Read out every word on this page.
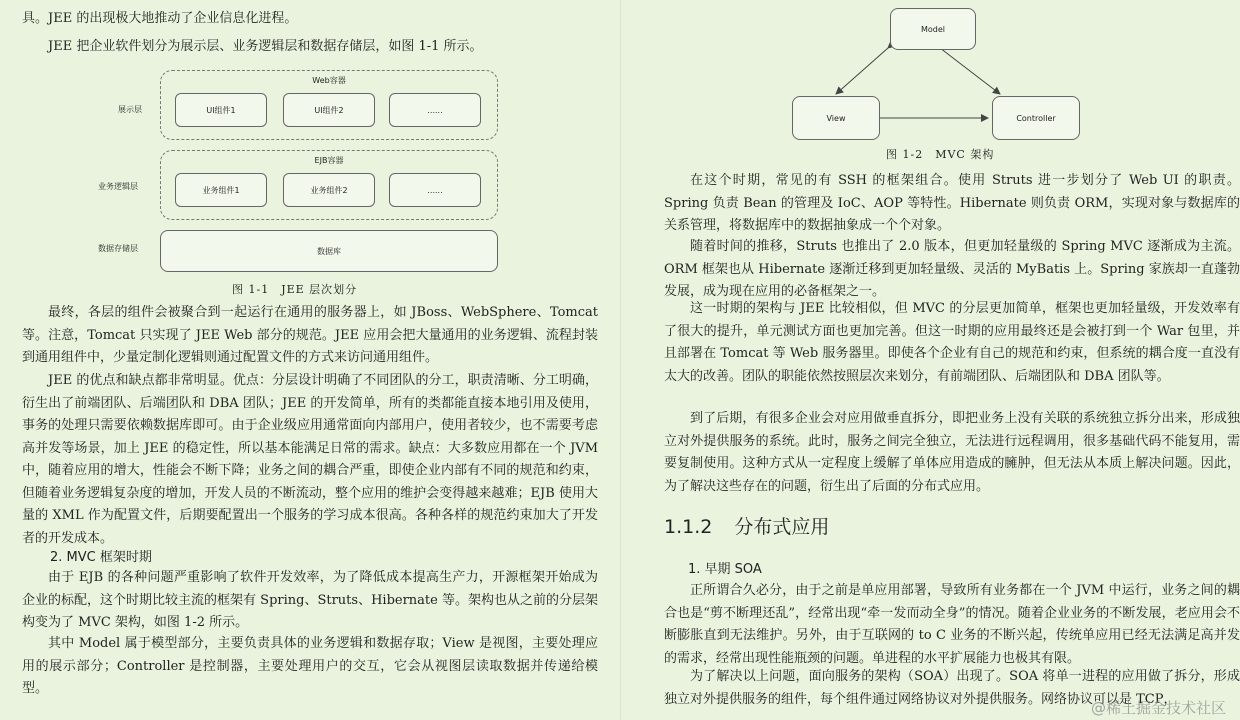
具。JEE 的出现极大地推动了企业信息化进程。

JEE 把企业软件划分为展示层、业务逻辑层和数据存储层，如图 1-1 所示。

展示层
业务逻辑层
数据存储层
Web容器
UI组件1	UI组件2	......
EJB容器
业务组件1	业务组件2	......
数据库
图 1-1　JEE 层次划分

最终，各层的组件会被聚合到一起运行在通用的服务器上，如 JBoss、WebSphere、Tomcat 等。注意，Tomcat 只实现了 JEE Web 部分的规范。JEE 应用会把大量通用的业务逻辑、流程封装到通用组件中，少量定制化逻辑则通过配置文件的方式来访问通用组件。

JEE 的优点和缺点都非常明显。优点：分层设计明确了不同团队的分工，职责清晰、分工明确，衍生出了前端团队、后端团队和 DBA 团队；JEE 的开发简单，所有的类都能直接本地引用及使用，事务的处理只需要依赖数据库即可。由于企业级应用通常面向内部用户，使用者较少，也不需要考虑高并发等场景，加上 JEE 的稳定性，所以基本能满足日常的需求。缺点：大多数应用都在一个 JVM 中，随着应用的增大，性能会不断下降；业务之间的耦合严重，即使企业内部有不同的规范和约束，但随着业务逻辑复杂度的增加，开发人员的不断流动，整个应用的维护会变得越来越难；EJB 使用大量的 XML 作为配置文件，后期要配置出一个服务的学习成本很高。各种各样的规范约束加大了开发者的开发成本。

2. MVC 框架时期

由于 EJB 的各种问题严重影响了软件开发效率，为了降低成本提高生产力，开源框架开始成为企业的标配，这个时期比较主流的框架有 Spring、Struts、Hibernate 等。架构也从之前的分层架构变为了 MVC 架构，如图 1-2 所示。

其中 Model 属于模型部分，主要负责具体的业务逻辑和数据存取；View 是视图，主要处理应用的展示部分；Controller 是控制器，主要处理用户的交互，它会从视图层读取数据并传递给模型。

Model
View	Controller
图 1-2　MVC 架构

在这个时期，常见的有 SSH 的框架组合。使用 Struts 进一步划分了 Web UI 的职责。Spring 负责 Bean 的管理及 IoC、AOP 等特性。Hibernate 则负责 ORM，实现对象与数据库的关系管理，将数据库中的数据抽象成一个个对象。

随着时间的推移，Struts 也推出了 2.0 版本，但更加轻量级的 Spring MVC 逐渐成为主流。ORM 框架也从 Hibernate 逐渐迁移到更加轻量级、灵活的 MyBatis 上。Spring 家族却一直蓬勃发展，成为现在应用的必备框架之一。

这一时期的架构与 JEE 比较相似，但 MVC 的分层更加简单，框架也更加轻量级，开发效率有了很大的提升，单元测试方面也更加完善。但这一时期的应用最终还是会被打到一个 War 包里，并且部署在 Tomcat 等 Web 服务器里。即使各个企业有自己的规范和约束，但系统的耦合度一直没有太大的改善。团队的职能依然按照层次来划分，有前端团队、后端团队和 DBA 团队等。

到了后期，有很多企业会对应用做垂直拆分，即把业务上没有关联的系统独立拆分出来，形成独立对外提供服务的系统。此时，服务之间完全独立，无法进行远程调用，很多基础代码不能复用，需要复制使用。这种方式从一定程度上缓解了单体应用造成的臃肿，但无法从本质上解决问题。因此，为了解决这些存在的问题，衍生出了后面的分布式应用。

1.1.2 分布式应用
1. 早期 SOA

正所谓合久必分，由于之前是单应用部署，导致所有业务都在一个 JVM 中运行，业务之间的耦合也是“剪不断理还乱”，经常出现“牵一发而动全身”的情况。随着企业业务的不断发展，老应用会不断膨胀直到无法维护。另外，由于互联网的 to C 业务的不断兴起，传统单应用已经无法满足高并发的需求，经常出现性能瓶颈的问题。单进程的水平扩展能力也极其有限。

为了解决以上问题，面向服务的架构（SOA）出现了。SOA 将单一进程的应用做了拆分，形成独立对外提供服务的组件，每个组件通过网络协议对外提供服务。网络协议可以是 TCP，

@稀土掘金技术社区
